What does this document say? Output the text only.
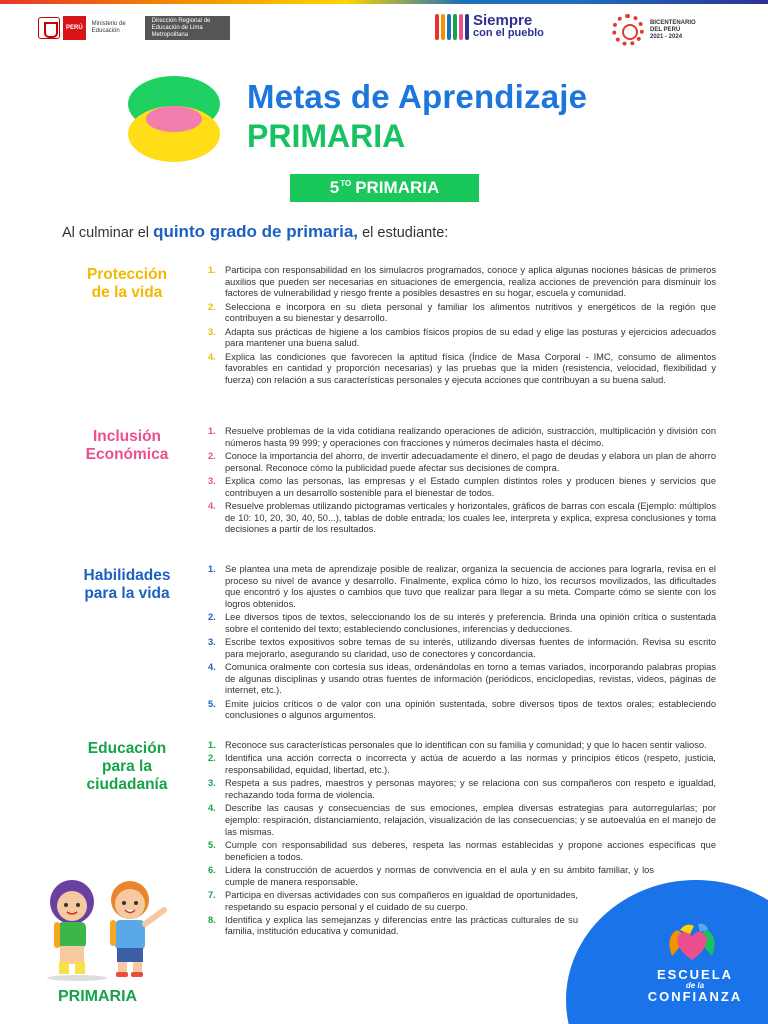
PERÚ
Ministerio de Educación
Dirección Regional de Educación de Lima Metropolitana
Siempre
con el pueblo
BICENTENARIO
DEL PERÚ
2021 - 2024
Metas de Aprendizaje
PRIMARIA
$5^{TO}$ PRIMARIA
Al culminar el quinto grado de primaria, el estudiante:
Protección
de la vida
1. Participa con responsabilidad en los simulacros programados, conoce y aplica algunas nociones básicas de primeros auxilios que pueden ser necesarias en situaciones de emergencia, realiza acciones de prevención para disminuir los factores de vulnerabilidad y riesgo frente a posibles desastres en su hogar, escuela y comunidad.
2. Selecciona e incorpora en su dieta personal y familiar los alimentos nutritivos y energéticos de la región que contribuyen a su bienestar y desarrollo.
3. Adapta sus prácticas de higiene a los cambios físicos propios de su edad y elige las posturas y ejercicios adecuados para mantener una buena salud.
4. Explica las condiciones que favorecen la aptitud física (Índice de Masa Corporal - IMC, consumo de alimentos favorables en cantidad y proporción necesarias) y las pruebas que la miden (resistencia, velocidad, flexibilidad y fuerza) con relación a sus características personales y ejecuta acciones que contribuyan a su buena salud.
Inclusión
Económica
1. Resuelve problemas de la vida cotidiana realizando operaciones de adición, sustracción, multiplicación y división con números hasta 99 999; y operaciones con fracciones y números decimales hasta el décimo.
2. Conoce la importancia del ahorro, de invertir adecuadamente el dinero, el pago de deudas y elabora un plan de ahorro personal. Reconoce cómo la publicidad puede afectar sus decisiones de compra.
3. Explica como las personas, las empresas y el Estado cumplen distintos roles y producen bienes y servicios que contribuyen a un desarrollo sostenible para el bienestar de todos.
4. Resuelve problemas utilizando pictogramas verticales y horizontales, gráficos de barras con escala (Ejemplo: múltiplos de 10: 10, 20, 30, 40, 50...), tablas de doble entrada; los cuales lee, interpreta y explica, expresa conclusiones y toma decisiones a partir de los resultados.
Habilidades
para la vida
1. Se plantea una meta de aprendizaje posible de realizar, organiza la secuencia de acciones para lograrla, revisa en el proceso su nivel de avance y desarrollo. Finalmente, explica cómo lo hizo, los recursos movilizados, las dificultades que encontró y los ajustes o cambios que tuvo que realizar para llegar a su meta. Comparte cómo se siente con los logros obtenidos.
2. Lee diversos tipos de textos, seleccionando los de su interés y preferencia. Brinda una opinión crítica o sustentada sobre el contenido del texto; estableciendo conclusiones, inferencias y deducciones.
3. Escribe textos expositivos sobre temas de su interés, utilizando diversas fuentes de información. Revisa su escrito para mejorarlo, asegurando su claridad, uso de conectores y concordancia.
4. Comunica oralmente con cortesía sus ideas, ordenándolas en torno a temas variados, incorporando palabras propias de algunas disciplinas y usando otras fuentes de información (periódicos, enciclopedias, revistas, videos, páginas de internet, etc.).
5. Emite juicios críticos o de valor con una opinión sustentada, sobre diversos tipos de textos orales; estableciendo conclusiones o algunos argumentos.
Educación
para la
ciudadanía
1. Reconoce sus características personales que lo identifican con su familia y comunidad; y que lo hacen sentir valioso.
2. Identifica una acción correcta o incorrecta y actúa de acuerdo a las normas y principios éticos (respeto, justicia, responsabilidad, equidad, libertad, etc.).
3. Respeta a sus padres, maestros y personas mayores; y se relaciona con sus compañeros con respeto e igualdad, rechazando toda forma de violencia.
4. Describe las causas y consecuencias de sus emociones, emplea diversas estrategias para autorregularlas; por ejemplo: respiración, distanciamiento, relajación, visualización de las consecuencias; y se autoevalúa en el manejo de las mismas.
5. Cumple con responsabilidad sus deberes, respeta las normas establecidas y propone acciones específicas que beneficien a todos.
6. Lidera la construcción de acuerdos y normas de convivencia en el aula y en su ámbito familiar, y los cumple de manera responsable.
7. Participa en diversas actividades con sus compañeros en igualdad de oportunidades, respetando su espacio personal y el cuidado de su cuerpo.
8. Identifica y explica las semejanzas y diferencias entre las prácticas culturales de su familia, institución educativa y comunidad.
PRIMARIA
ESCUELA
de la
CONFIANZA
